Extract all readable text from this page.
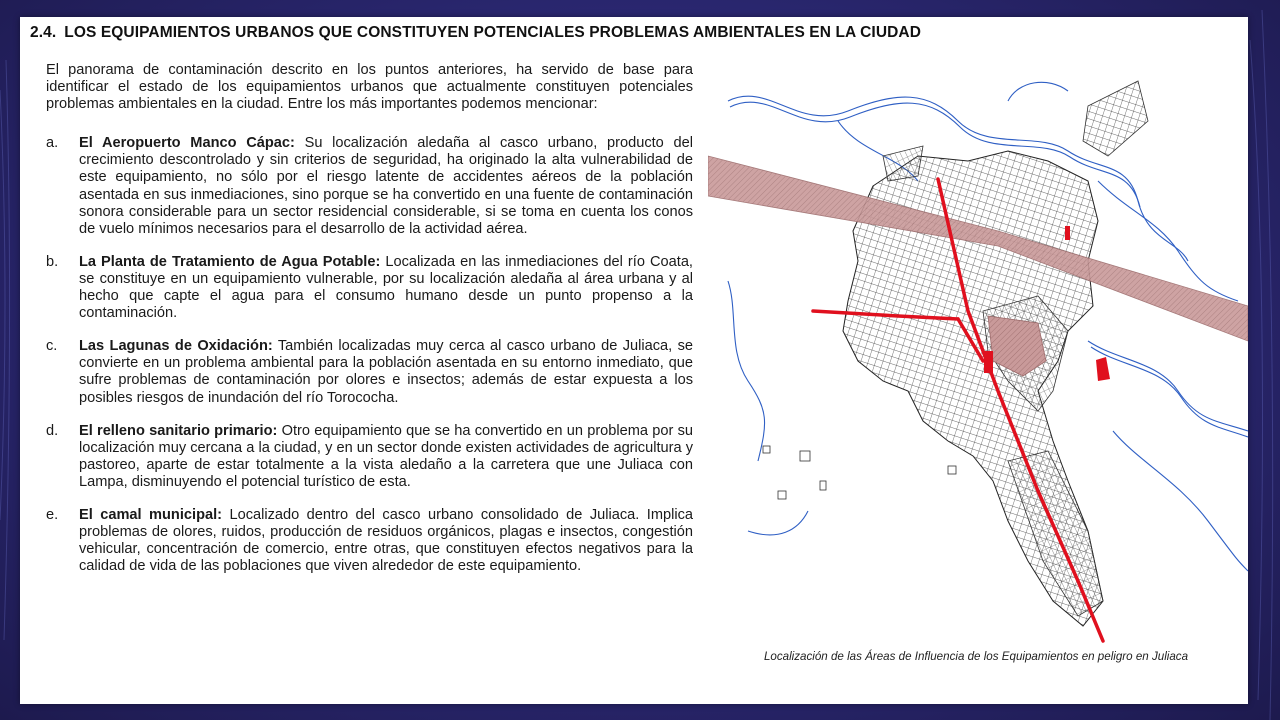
2.4. LOS EQUIPAMIENTOS URBANOS QUE CONSTITUYEN POTENCIALES PROBLEMAS AMBIENTALES EN LA CIUDAD

El panorama de contaminación descrito en los puntos anteriores, ha servido de base para identificar el estado de los equipamientos urbanos que actualmente constituyen potenciales problemas ambientales en la ciudad. Entre los más importantes podemos mencionar:

a. El Aeropuerto Manco Cápac: Su localización aledaña al casco urbano, producto del crecimiento descontrolado y sin criterios de seguridad, ha originado la alta vulnerabilidad de este equipamiento, no sólo por el riesgo latente de accidentes aéreos de la población asentada en sus inmediaciones, sino porque se ha convertido en una fuente de contaminación sonora considerable para un sector residencial considerable, si se toma en cuenta los conos de vuelo mínimos necesarios para el desarrollo de la actividad aérea.
b. La Planta de Tratamiento de Agua Potable: Localizada en las inmediaciones del río Coata, se constituye en un equipamiento vulnerable, por su localización aledaña al área urbana y al hecho que capte el agua para el consumo humano desde un punto propenso a la contaminación.
c. Las Lagunas de Oxidación: También localizadas muy cerca al casco urbano de Juliaca, se convierte en un problema ambiental para la población asentada en su entorno inmediato, que sufre problemas de contaminación por olores e insectos; además de estar expuesta a los posibles riesgos de inundación del río Torocochа.
d. El relleno sanitario primario: Otro equipamiento que se ha convertido en un problema por su localización muy cercana a la ciudad, y en un sector donde existen actividades de agricultura y pastoreo, aparte de estar totalmente a la vista aledaño a la carretera que une Juliaca con Lampa, disminuyendo el potencial turístico de esta.
e. El camal municipal: Localizado dentro del casco urbano consolidado de Juliaca. Implica problemas de olores, ruidos, producción de residuos orgánicos, plagas e insectos, congestión vehicular, concentración de comercio, entre otras, que constituyen efectos negativos para la calidad de vida de las poblaciones que viven alrededor de este equipamiento.
Localización de las Áreas de Influencia de los Equipamientos en peligro en Juliaca
